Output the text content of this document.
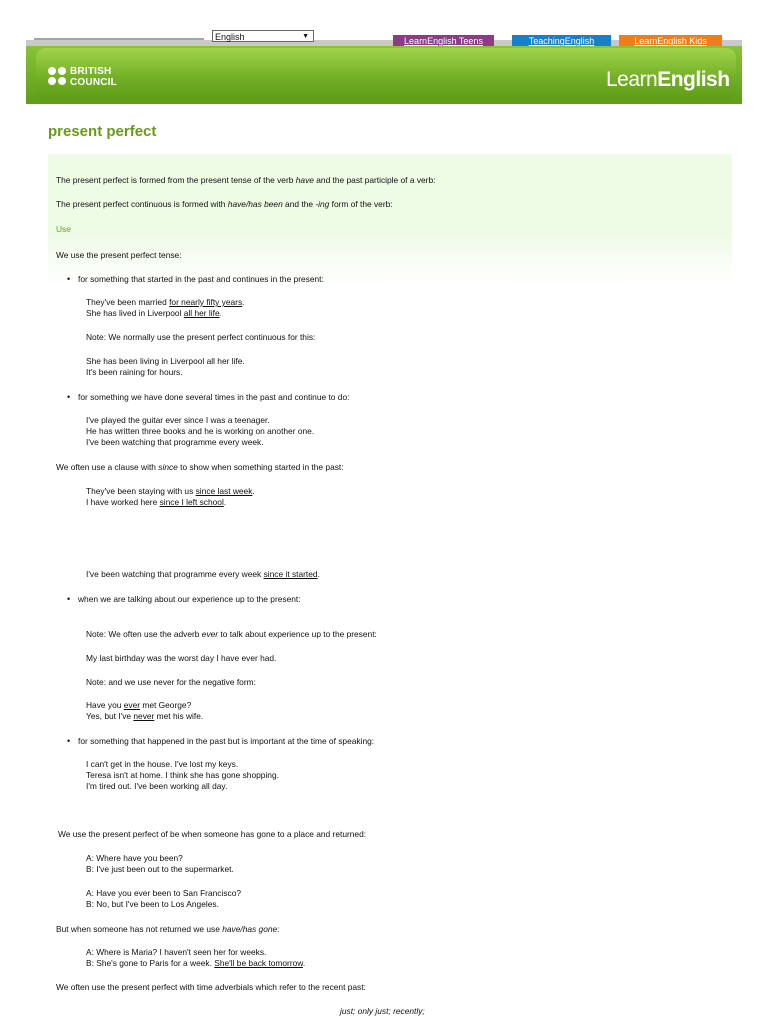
English	▼	LearnEnglish Teens	TeachingEnglish	LearnEnglish Kids
BRITISH
COUNCIL	LearnEnglish
present perfect
The present perfect is formed from the present tense of the verb have and the past participle of a verb:
The present perfect continuous is formed with have/has been and the -ing form of the verb:
Use
We use the present perfect tense:
• for something that started in the past and continues in the present:
They've been married for nearly fifty years.
She has lived in Liverpool all her life.
Note: We normally use the present perfect continuous for this:
She has been living in Liverpool all her life.
It's been raining for hours.
• for something we have done several times in the past and continue to do:
I've played the guitar ever since I was a teenager.
He has written three books and he is working on another one.
I've been watching that programme every week.
We often use a clause with since to show when something started in the past:
They've been staying with us since last week.
I have worked here since I left school.
I've been watching that programme every week since it started.
• when we are talking about our experience up to the present:
Note: We often use the adverb ever to talk about experience up to the present:
My last birthday was the worst day I have ever had.
Note: and we use never for the negative form:
Have you ever met George?
Yes, but I've never met his wife.
• for something that happened in the past but is important at the time of speaking:
I can't get in the house. I've lost my keys.
Teresa isn't at home. I think she has gone shopping.
I'm tired out. I've been working all day.
We use the present perfect of be when someone has gone to a place and returned:
A: Where have you been?
B: I've just been out to the supermarket.
A: Have you ever been to San Francisco?
B: No, but I've been to Los Angeles.
But when someone has not returned we use have/has gone:
A: Where is Maria? I haven't seen her for weeks.
B: She's gone to Paris for a week. She'll be back tomorrow.
We often use the present perfect with time adverbials which refer to the recent past:
just; only just; recently;
